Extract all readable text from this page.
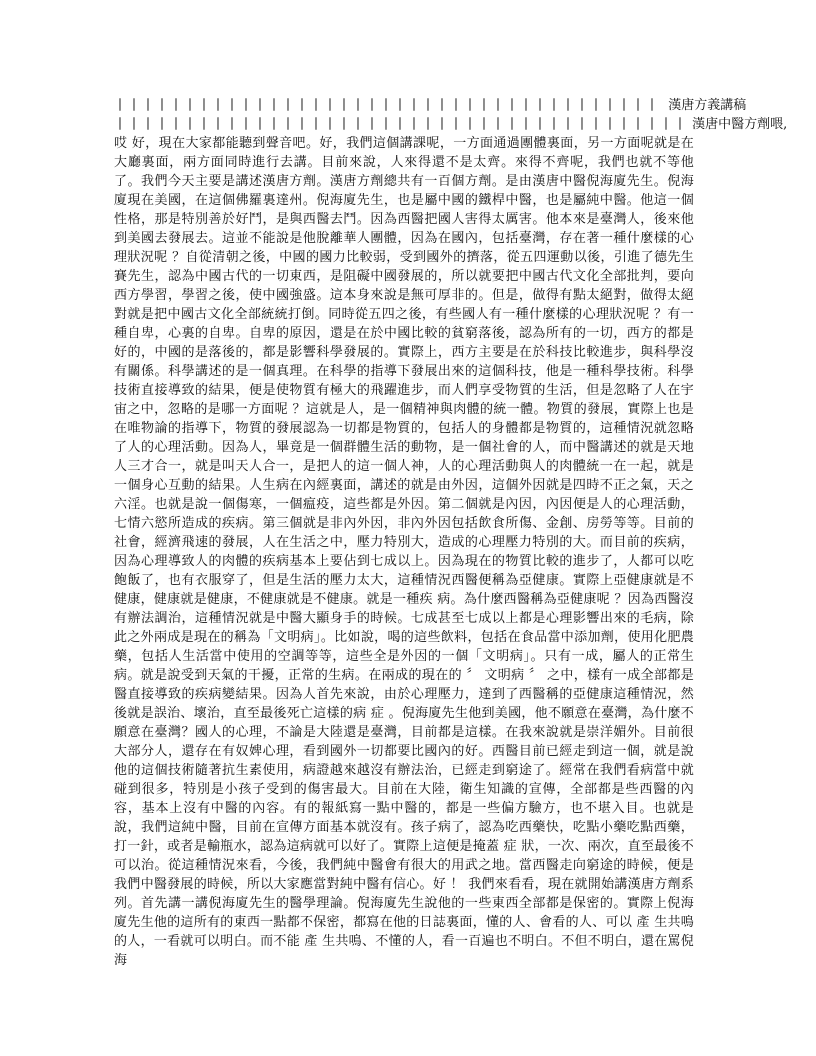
｜｜｜｜｜｜｜｜｜｜｜｜｜｜｜｜｜｜｜｜｜｜｜｜｜｜｜｜｜｜｜｜｜｜｜｜｜｜｜ 漢唐方義講稿
｜｜｜｜｜｜｜｜｜｜｜｜｜｜｜｜｜｜｜｜｜｜｜｜｜｜｜｜｜｜｜｜｜｜｜｜｜｜｜｜｜ 漢唐中醫方劑喂,
哎 好，現在大家都能聽到聲音吧。好，我們這個講課呢，一方面通過團體裏面，另一方面呢就是在大廳裏面，兩方面同時進行去講。目前來說，人來得還不是太齊。來得不齊呢，我們也就不等他了。我們今天主要是講述漢唐方劑。漢唐方劑總共有一百個方劑。是由漢唐中醫倪海廈先生。倪海廈現在美國，在這個佛羅裏達州。倪海廈先生，也是屬中國的鐵桿中醫，也是屬純中醫。他這一個性格，那是特別善於好鬥，是與西醫去鬥。因為西醫把國人害得太厲害。他本來是臺灣人，後來他到美國去發展去。這並不能說是他脫離華人團體，因為在國內，包括臺灣，存在著一種什麼樣的心理狀況呢 ？自從清朝之後，中國的國力比較弱，受到國外的擠落，從五四運動以後，引進了德先生賽先生，認為中國古代的一切東西，是阻礙中國發展的，所以就要把中國古代文化全部批判，要向西方學習，學習之後，使中國強盛。這本身來說是無可厚非的。但是，做得有點太絕對，做得太絕對就是把中國古文化全部統統打倒。同時從五四之後，有些國人有一種什麼樣的心理狀況呢 ？有一種自卑，心裏的自卑。自卑的原因，還是在於中國比較的貧窮落後，認為所有的一切，西方的都是好的，中國的是落後的，都是影響科學發展的。實際上，西方主要是在於科技比較進步，與科學沒有關係。科學講述的是一個真理。在科學的指導下發展出來的這個科技，他是一種科學技術。科學技術直接導致的結果，便是使物質有極大的飛躍進步，而人們享受物質的生活，但是忽略了人在宇宙之中，忽略的是哪一方面呢 ？這就是人，是一個精神與肉體的統一體。物質的發展，實際上也是在唯物論的指導下，物質的發展認為一切都是物質的，包括人的身體都是物質的，這種情況就忽略了人的心理活動。因為人，畢竟是一個群體生活的動物，是一個社會的人，而中醫講述的就是天地人三才合一，就是叫天人合一，是把人的這一個人神，人的心理活動與人的肉體統一在一起，就是一個身心互動的結果。人生病在內經裏面，講述的就是由外因，這個外因就是四時不正之氣，天之六淫。也就是說一個傷寒，一個瘟疫，這些都是外因。第二個就是內因，內因便是人的心理活動，七情六慾所造成的疾病。第三個就是非內外因，非內外因包括飲食所傷、金創、房勞等等。目前的社會，經濟飛速的發展，人在生活之中，壓力特別大，造成的心理壓力特別的大。而目前的疾病，因為心理導致人的肉體的疾病基本上要佔到七成以上。因為現在的物質比較的進步了，人都可以吃飽飯了，也有衣服穿了，但是生活的壓力太大，這種情況西醫便稱為亞健康。實際上亞健康就是不健康，健康就是健康，不健康就是不健康。就是一種疾 病。為什麼西醫稱為亞健康呢 ？因為西醫沒有辦法調治，這種情況就是中醫大顯身手的時候。七成甚至七成以上都是心理影響出來的毛病，除此之外兩成是現在的稱為「文明病」。比如說，喝的這些飲料，包括在食品當中添加劑，使用化肥農藥，包括人生活當中使用的空調等等，這些全是外因的一個「文明病」。只有一成，屬人的正常生病。就是說受到天氣的干擾，正常的生病。在兩成的現在的 〞 文明病 〞 之中，樣有一成全部都是醫直接導致的疾病變結果。因為人首先來說，由於心理壓力，達到了西醫稱的亞健康這種情況，然後就是誤治、壞治，直至最後死亡這樣的病 症 。倪海廈先生他到美國，他不願意在臺灣，為什麼不願意在臺灣？國人的心理，不論是大陸還是臺灣，目前都是這樣。在我來說就是崇洋媚外。目前很大部分人，還存在有奴婢心理，看到國外一切都要比國內的好。西醫目前已經走到這一個，就是說他的這個技術隨著抗生素使用，病證越來越沒有辦法治，已經走到窮途了。經常在我們看病當中就碰到很多，特別是小孩子受到的傷害最大。目前在大陸，衛生知識的宣傳，全部都是些西醫的內容，基本上沒有中醫的內容。有的報紙寫一點中醫的，都是一些偏方驗方，也不堪入目。也就是說，我們這純中醫，目前在宣傳方面基本就沒有。孩子病了，認為吃西藥快，吃點小藥吃點西藥，打一針，或者是輸瓶水，認為這病就可以好了。實際上這便是掩蓋 症 狀，一次、兩次，直至最後不可以治。從這種情況來看，今後，我們純中醫會有很大的用武之地。當西醫走向窮途的時候，便是我們中醫發展的時候，所以大家應當對純中醫有信心。好 ！ 我們來看看，現在就開始講漢唐方劑系列。首先講一講倪海廈先生的醫學理論。倪海廈先生說他的一些東西全部都是保密的。實際上倪海廈先生他的這所有的東西一點都不保密，都寫在他的日誌裏面，懂的人、會看的人、可以 產 生共鳴的人，一看就可以明白。而不能 產 生共鳴、不懂的人，看一百遍也不明白。不但不明白，還在罵倪海
